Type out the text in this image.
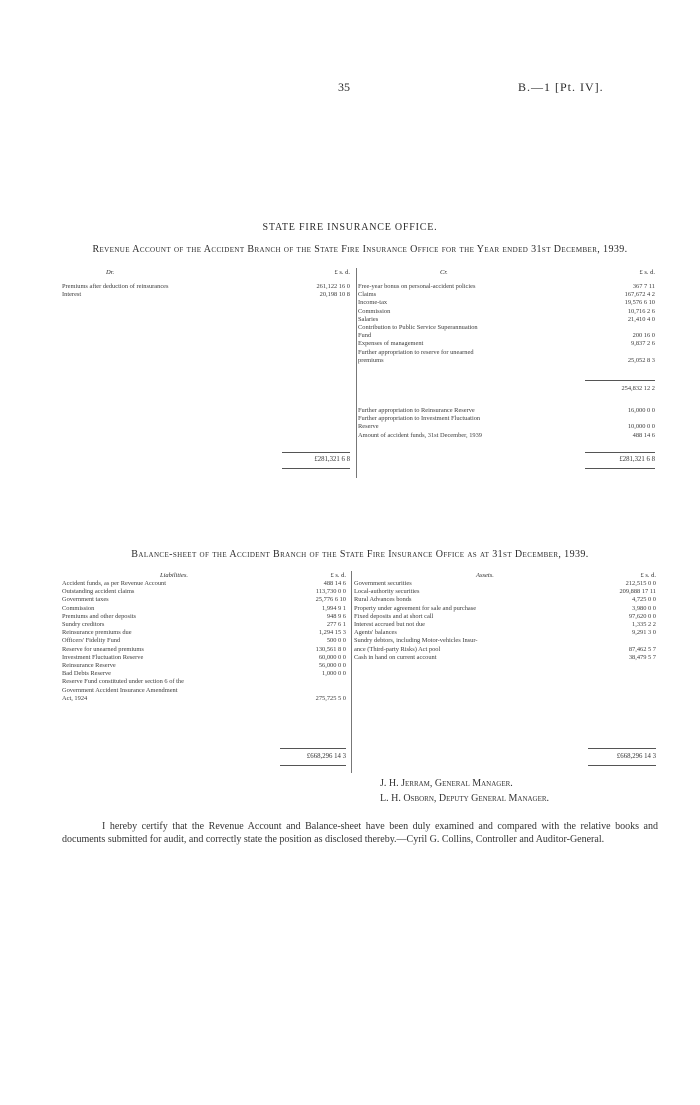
35	B.—1 [Pt. IV].
STATE FIRE INSURANCE OFFICE.
Revenue Account of the Accident Branch of the State Fire Insurance Office for the Year ended 31st December, 1939.
Dr.	£ s. d.	Cr.	£ s. d.
Premiums after deduction of reinsurances	261,122 16 0
Interest	20,198 10 8
Free-year bonus on personal-accident policies	367 7 11
Claims	167,672 4 2
Income-tax	19,576 6 10
Commission	10,716 2 6
Salaries	21,410 4 0
Contribution to Public Service Superannuation
Fund	200 16 0
Expenses of management	9,837 2 6
Further appropriation to reserve for unearned
premiums	25,052 8 3
Further appropriation to Reinsurance Reserve	16,000 0 0
Further appropriation to Investment Fluctuation
Reserve	10,000 0 0
Amount of accident funds, 31st December, 1939	488 14 6
254,832 12 2
£281,321 6 8	£281,321 6 8
Balance-sheet of the Accident Branch of the State Fire Insurance Office as at 31st December, 1939.
Liabilities.	£ s. d.	Assets.	£ s. d.
Accident funds, as per Revenue Account	488 14 6
Outstanding accident claims	113,730 0 0
Government taxes	25,776 6 10
Commission	1,994 9 1
Premiums and other deposits	948 9 6
Sundry creditors	277 6 1
Reinsurance premiums due	1,294 15 3
Officers' Fidelity Fund	500 0 0
Reserve for unearned premiums	130,561 8 0
Investment Fluctuation Reserve	60,000 0 0
Reinsurance Reserve	56,000 0 0
Bad Debts Reserve	1,000 0 0
Reserve Fund constituted under section 6 of the
Government Accident Insurance Amendment
Act, 1924	275,725 5 0
Government securities	212,515 0 0
Local-authority securities	209,888 17 11
Rural Advances bonds	4,725 0 0
Property under agreement for sale and purchase	3,980 0 0
Fixed deposits and at short call	97,620 0 0
Interest accrued but not due	1,335 2 2
Agents' balances	9,291 3 0
Sundry debtors, including Motor-vehicles Insur-
ance (Third-party Risks) Act pool	87,462 5 7
Cash in hand on current account	38,479 5 7
£668,296 14 3	£668,296 14 3
J. H. Jerram, General Manager.
L. H. Osborn, Deputy General Manager.
I hereby certify that the Revenue Account and Balance-sheet have been duly examined and compared with the relative books and documents submitted for audit, and correctly state the position as disclosed thereby.—Cyril G. Collins, Controller and Auditor-General.
